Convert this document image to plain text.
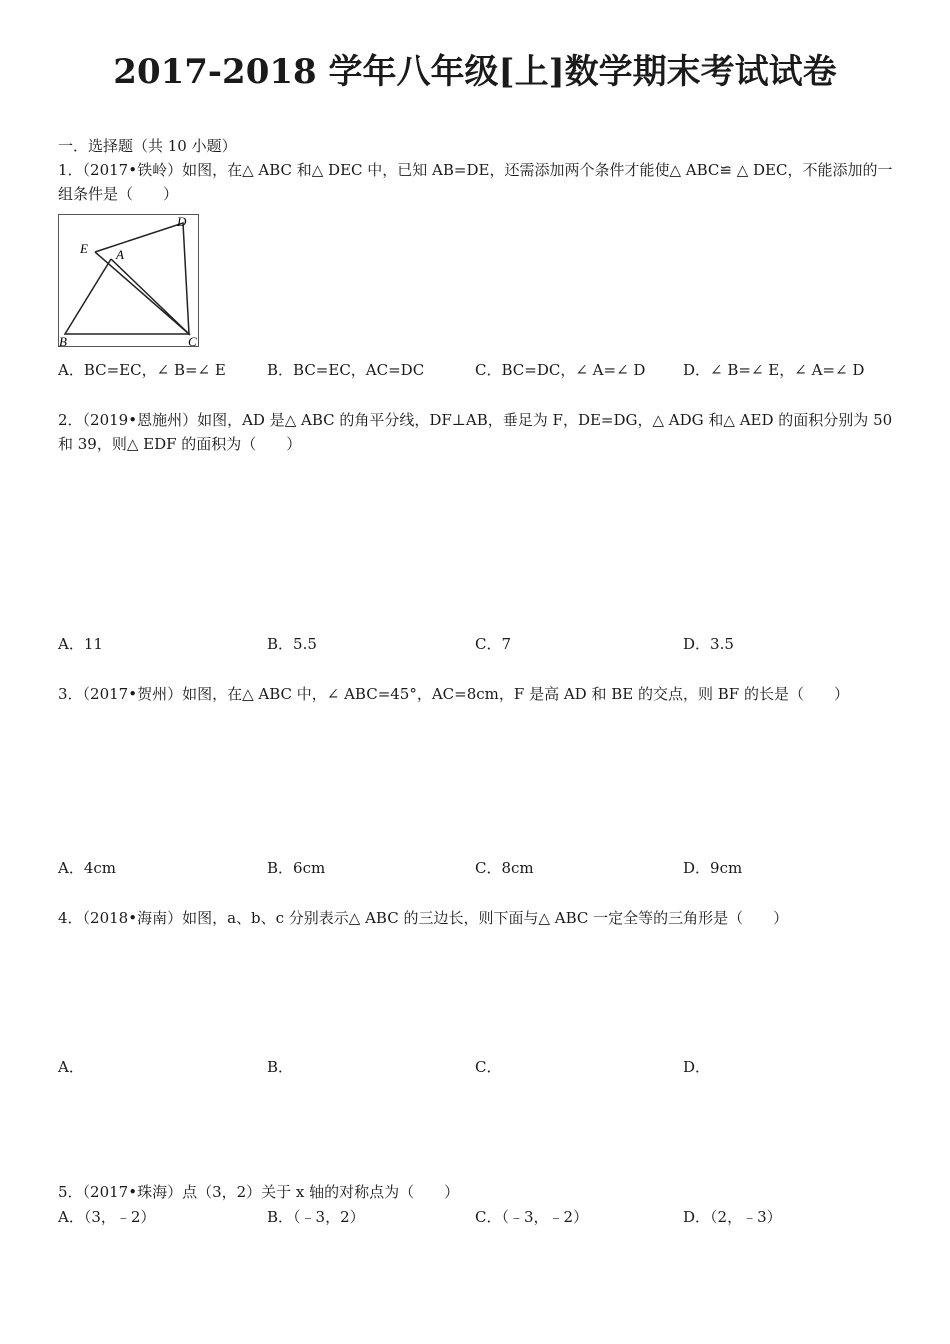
2017-2018 学年八年级[上]数学期末考试试卷
一．选择题（共 10 小题）
1．（2017•铁岭）如图，在△ ABC 和△ DEC 中，已知 AB=DE，还需添加两个条件才能使△ ABC≌ △ DEC，不能添加的一组条件是（　　）
D
E A
B	C
A．BC=EC，∠ B=∠ E	B．BC=EC，AC=DC	C．BC=DC，∠ A=∠ D	D．∠ B=∠ E，∠ A=∠ D
2．（2019•恩施州）如图，AD 是△ ABC 的角平分线，DF⊥AB，垂足为 F，DE=DG，△ ADG 和△ AED 的面积分别为 50 和 39，则△ EDF 的面积为（　　）
A．11	B．5.5	C．7	D．3.5
3．（2017•贺州）如图，在△ ABC 中，∠ ABC=45°，AC=8cm，F 是高 AD 和 BE 的交点，则 BF 的长是（　　）
A．4cm	B．6cm	C．8cm	D．9cm
4．（2018•海南）如图，a、b、c 分别表示△ ABC 的三边长，则下面与△ ABC 一定全等的三角形是（　　）
A．	B．	C．	D．
5．（2017•珠海）点（3，2）关于 x 轴的对称点为（　　）
A．（3，﹣2）	B．（﹣3，2）	C．（﹣3，﹣2）	D．（2，﹣3）
